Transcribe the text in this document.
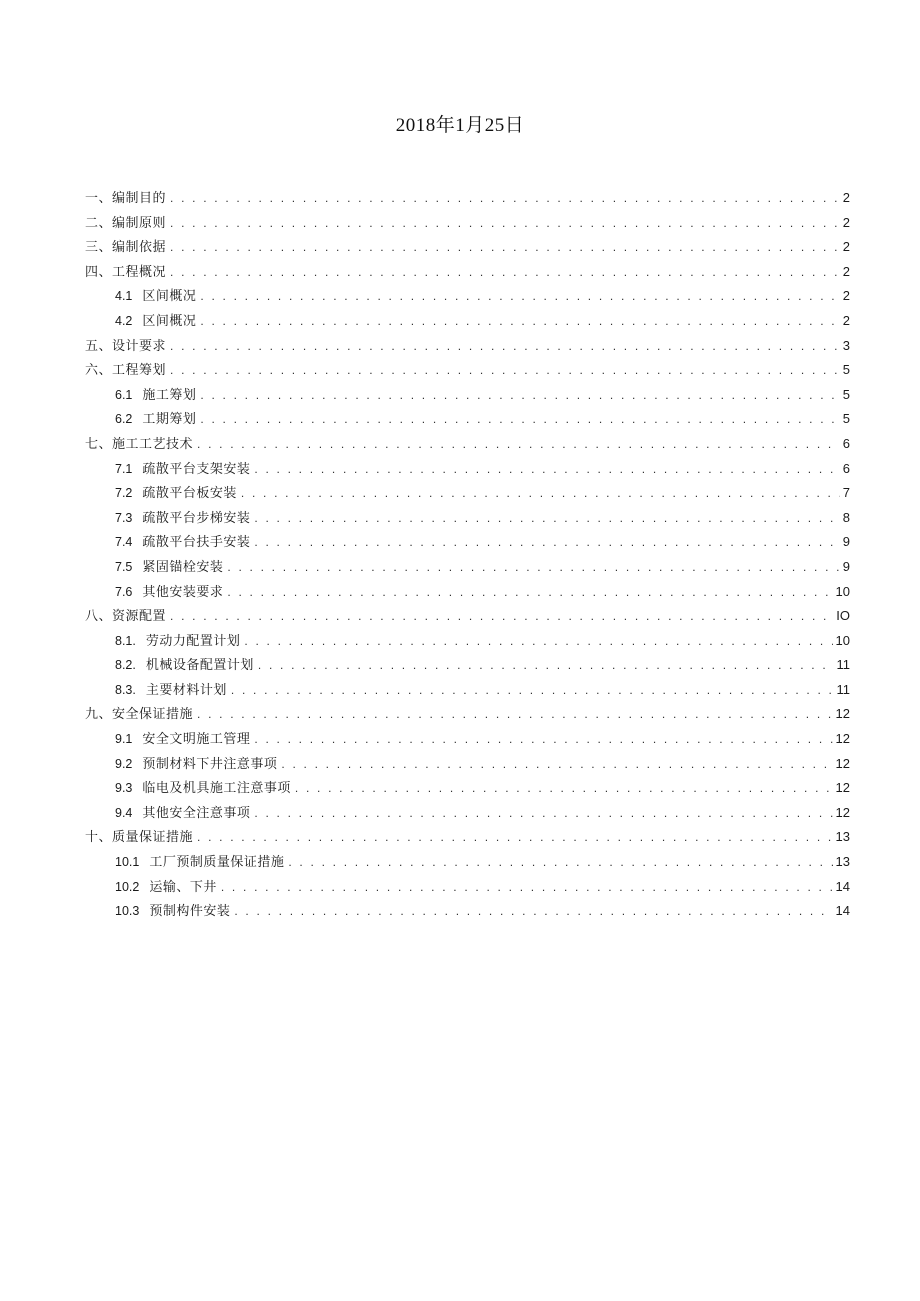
2018年1月25日
一、编制目的 . . .	2
二、编制原则 . . .	2
三、编制依据 . . .	2
四、工程概况 . . .	2
4.1 区间概况 . . .	2
4.2 区间概况 . . .	2
五、设计要求 . . .	3
六、工程筹划 . . .	5
6.1 施工筹划 . . .	5
6.2 工期筹划 . . .	5
七、施工工艺技术 . . .	6
7.1 疏散平台支架安装 . . .	6
7.2 疏散平台板安装 . . .	7
7.3 疏散平台步梯安装 . . .	8
7.4 疏散平台扶手安装 . . .	9
7.5 紧固锚栓安装 . . .	9
7.6 其他安装要求 . . .	10
八、资源配置 . . .	IO
8.1. 劳动力配置计划 . . .	10
8.2. 机械设备配置计划 . . .	11
8.3. 主要材料计划 . . .	11
九、安全保证措施 . . .	12
9.1 安全文明施工管理 . . .	12
9.2 预制材料下井注意事项 . . .	12
9.3 临电及机具施工注意事项 . . .	12
9.4 其他安全注意事项 . . .	12
十、质量保证措施 . . .	13
10.1 工厂预制质量保证措施 . . .	13
10.2 运输、下井 . . .	14
10.3 预制构件安装 . . .	14
